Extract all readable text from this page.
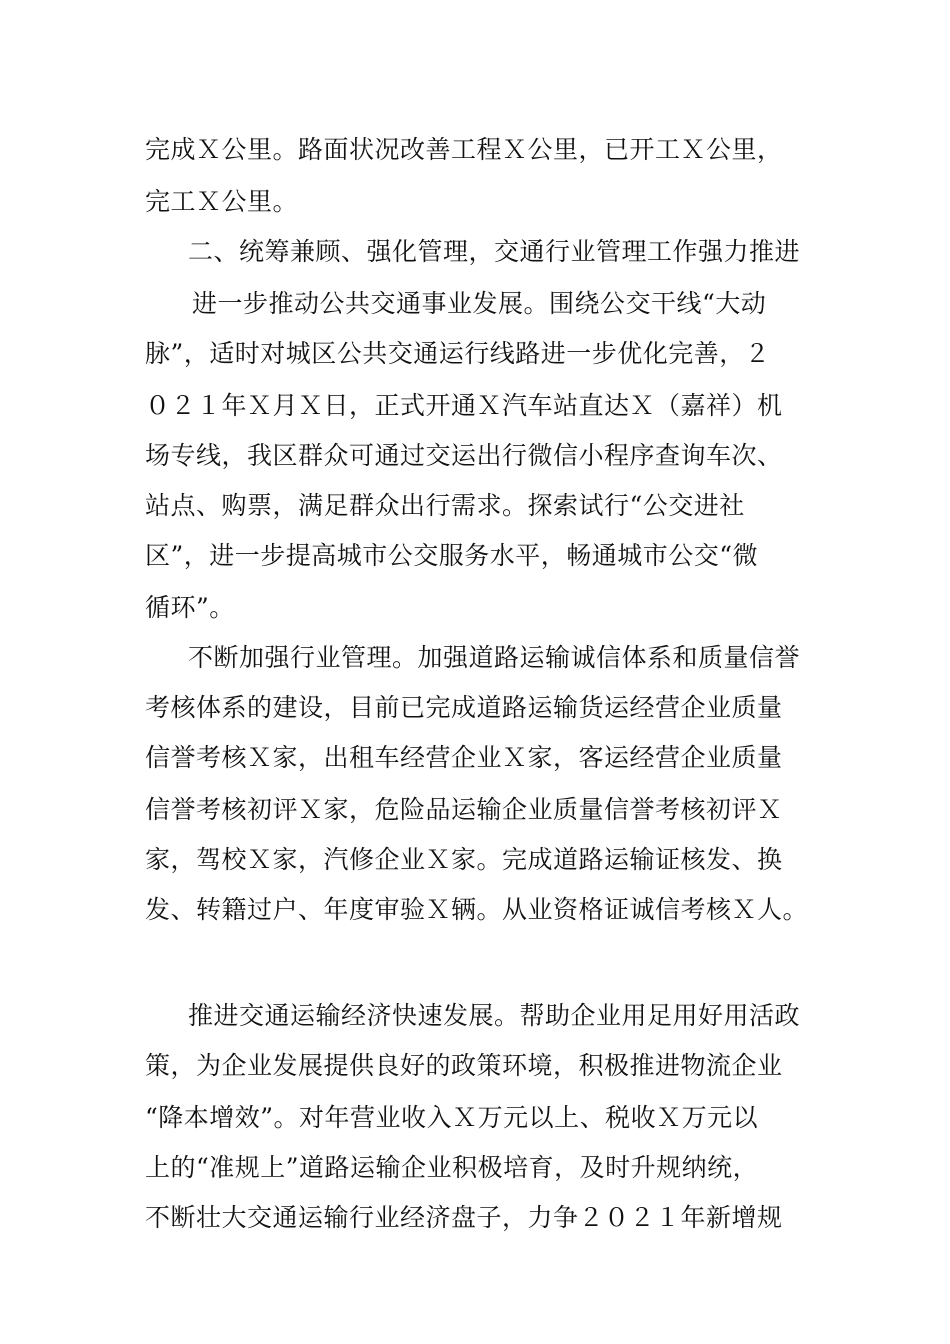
完成Ｘ公里。路面状况改善工程Ｘ公里，已开工Ｘ公里，
完工Ｘ公里。
二、统筹兼顾、强化管理，交通行业管理工作强力推进
进一步推动公共交通事业发展。围绕公交干线“大动
脉”，适时对城区公共交通运行线路进一步优化完善，２
０２１年Ｘ月Ｘ日，正式开通Ｘ汽车站直达Ｘ（嘉祥）机
场专线，我区群众可通过交运出行微信小程序查询车次、
站点、购票，满足群众出行需求。探索试行“公交进社
区”，进一步提高城市公交服务水平，畅通城市公交“微
循环”。
不断加强行业管理。加强道路运输诚信体系和质量信誉
考核体系的建设，目前已完成道路运输货运经营企业质量
信誉考核Ｘ家，出租车经营企业Ｘ家，客运经营企业质量
信誉考核初评Ｘ家，危险品运输企业质量信誉考核初评Ｘ
家，驾校Ｘ家，汽修企业Ｘ家。完成道路运输证核发、换
发、转籍过户、年度审验Ｘ辆。从业资格证诚信考核Ｘ人。
推进交通运输经济快速发展。帮助企业用足用好用活政
策，为企业发展提供良好的政策环境，积极推进物流企业
“降本增效”。对年营业收入Ｘ万元以上、税收Ｘ万元以
上的“准规上”道路运输企业积极培育，及时升规纳统，
不断壮大交通运输行业经济盘子，力争２０２１年新增规
